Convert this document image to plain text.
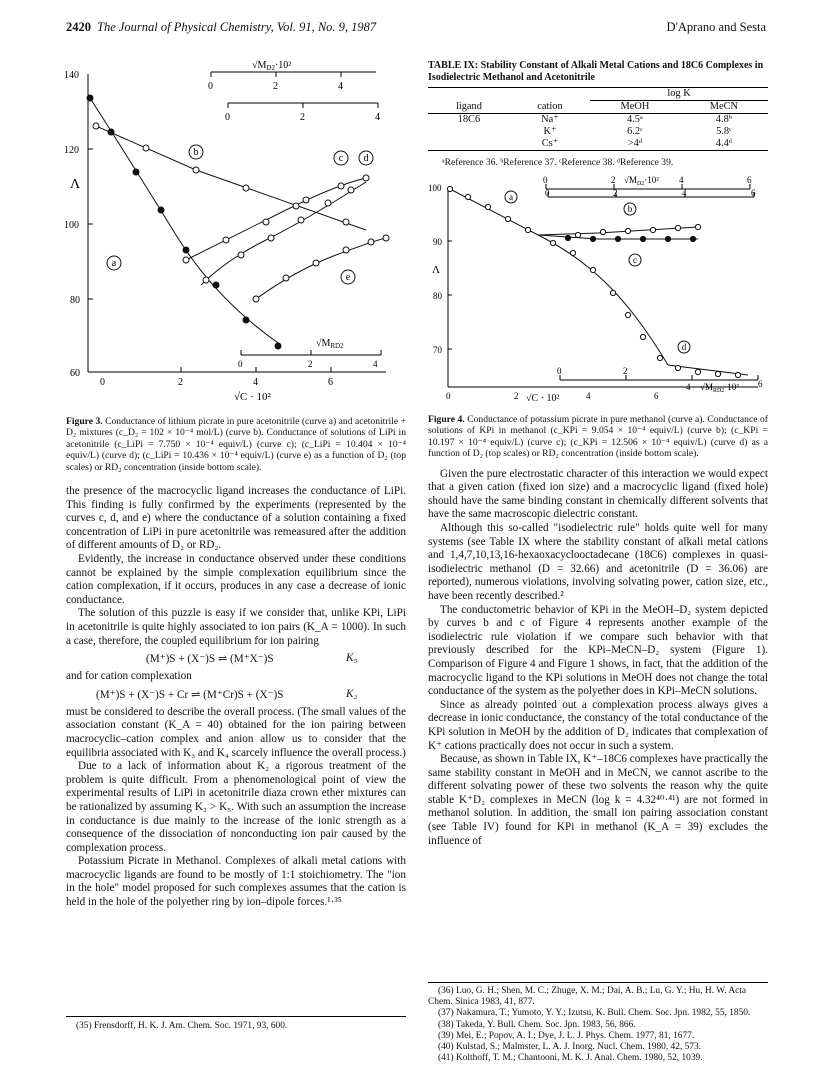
2420 The Journal of Physical Chemistry, Vol. 91, No. 9, 1987	D'Aprano and Sesta
$√M_{D2}\cdot 10^2$
0	2	4
0	2	4
140
120
100
80
60
Λ
0	2	4	6
√C · 10²
$√M_{RD2}$
0	2	4
a
b
c d
e

Figure 3. Conductance of lithium picrate in pure acetonitrile (curve a) and acetonitrile + D₂ mixtures (c_D₂ = 102 × 10⁻⁴ mol/L) (curve b). Conductance of solutions of LiPi in acetonitrile (c_LiPi = 7.750 × 10⁻⁴ equiv/L) (curve c); (c_LiPi = 10.404 × 10⁻⁴ equiv/L) (curve d); (c_LiPi = 10.436 × 10⁻⁴ equiv/L) (curve e) as a function of D₂ (top scales) or RD₂ concentration (inside bottom scale).

the presence of the macrocyclic ligand increases the conductance of LiPi. This finding is fully confirmed by the experiments (represented by the curves c, d, and e) where the conductance of a solution containing a fixed concentration of LiPi in pure acetonitrile was remeasured after the addition of different amounts of D₂ or RD₂.

Evidently, the increase in conductance observed under these conditions cannot be explained by the simple complexation equilibrium since the cation complexation, if it occurs, produces in any case a decrease of ionic conductance.

The solution of this puzzle is easy if we consider that, unlike KPi, LiPi in acetonitrile is quite highly associated to ion pairs (K_A = 1000). In such a case, therefore, the coupled equilibrium for ion pairing

(M⁺)S + (X⁻)S ⇌ (M⁺X⁻)S	K₅

and for cation complexation

(M⁺)S + (X⁻)S + Cr ⇌ (M⁺Cr)S + (X⁻)S	K₂

must be considered to describe the overall process. (The small values of the association constant (K_A = 40) obtained for the ion pairing between macrocyclic–cation complex and anion allow us to consider that the equilibria associated with K₃ and K₄ scarcely influence the overall process.)

Due to a lack of information about K₂ a rigorous treatment of the problem is quite difficult. From a phenomenological point of view the experimental results of LiPi in acetonitrile diaza crown ether mixtures can be rationalized by assuming K₂ > K₅. With such an assumption the increase in conductance is due mainly to the increase of the ionic strength as a consequence of the dissociation of nonconducting ion pair caused by the complexation process.

Potassium Picrate in Methanol. Complexes of alkali metal cations with macrocyclic ligands are found to be mostly of 1:1 stoichiometry. The "ion in the hole" model proposed for such complexes assumes that the cation is held in the hole of the polyether ring by ion–dipole forces.¹·³⁵

(35) Frensdorff, H. K. J. Am. Chem. Soc. 1971, 93, 600.

TABLE IX: Stability Constant of Alkali Metal Cations and 18C6 Complexes in Isodielectric Methanol and Acetonitrile

		log K	
ligand	cation	MeOH	MeCN
18C6	Na⁺	4.5ᵃ	4.8ᵇ
	K⁺	6.2ᶜ	5.8ᶜ
	Cs⁺	>4ᵈ	4.4ᵈ

ᵃReference 36. ᵇReference 37. ᶜReference 38. ᵈReference 39.

0	2 $√M_{D2}\cdot 10^2$ 4	6
0	2	4	6
100
90
80
70
Λ
0	2	4	6
√C · 10²
0	2
4 $√M_{RD2}\cdot 10^2$ 6
a
b
c
d

Figure 4. Conductance of potassium picrate in pure methanol (curve a). Conductance of solutions of KPi in methanol (c_KPi = 9.054 × 10⁻⁴ equiv/L) (curve b); (c_KPi = 10.197 × 10⁻⁴ equiv/L) (curve c); (c_KPi = 12.506 × 10⁻⁴ equiv/L) (curve d) as a function of D₂ (top scales) or RD₂ concentration (inside bottom scale).

Given the pure electrostatic character of this interaction we would expect that a given cation (fixed ion size) and a macrocyclic ligand (fixed hole) should have the same binding constant in chemically different solvents that have the same macroscopic dielectric constant.

Although this so-called "isodielectric rule" holds quite well for many systems (see Table IX where the stability constant of alkali metal cations and 1,4,7,10,13,16-hexaoxacyclooctadecane (18C6) complexes in quasi-isodielectric methanol (D = 32.66) and acetonitrile (D = 36.06) are reported), numerous violations, involving solvating power, cation size, etc., have been recently described.²

The conductometric behavior of KPi in the MeOH–D₂ system depicted by curves b and c of Figure 4 represents another example of the isodielectric rule violation if we compare such behavior with that previously described for the KPi–MeCN–D₂ system (Figure 1). Comparison of Figure 4 and Figure 1 shows, in fact, that the addition of the macrocyclic ligand to the KPi solutions in MeOH does not change the total conductance of the system as the polyether does in KPi–MeCN solutions.

Since as already pointed out a complexation process always gives a decrease in ionic conductance, the constancy of the total conductance of the KPi solution in MeOH by the addition of D₂ indicates that complexation of K⁺ cations practically does not occur in such a system.

Because, as shown in Table IX, K⁺–18C6 complexes have practically the same stability constant in MeOH and in MeCN, we cannot ascribe to the different solvating power of these two solvents the reason why the quite stable K⁺D₂ complexes in MeCN (log k = 4.32⁴⁰·⁴¹) are not formed in methanol solution. In addition, the small ion pairing association constant (see Table IV) found for KPi in methanol (K_A = 39) excludes the influence of

(36) Luo, G. H.; Shen, M. C.; Zhuge, X. M.; Dai, A. B.; Lu, G. Y.; Hu, H. W. Acta Chem. Sinica 1983, 41, 877.

(37) Nakamura, T.; Yumoto, Y. Y.; Izutsu, K. Bull. Chem. Soc. Jpn. 1982, 55, 1850.

(38) Takeda, Y. Bull. Chem. Soc. Jpn. 1983, 56, 866.

(39) Mei, E.; Popov, A. I.; Dye, J. L. J. Phys. Chem. 1977, 81, 1677.

(40) Kulstad, S.; Malmster, L. A. J. Inorg. Nucl. Chem. 1980, 42, 573.

(41) Kolthoff, T. M.; Chantooni, M. K. J. Anal. Chem. 1980, 52, 1039.
